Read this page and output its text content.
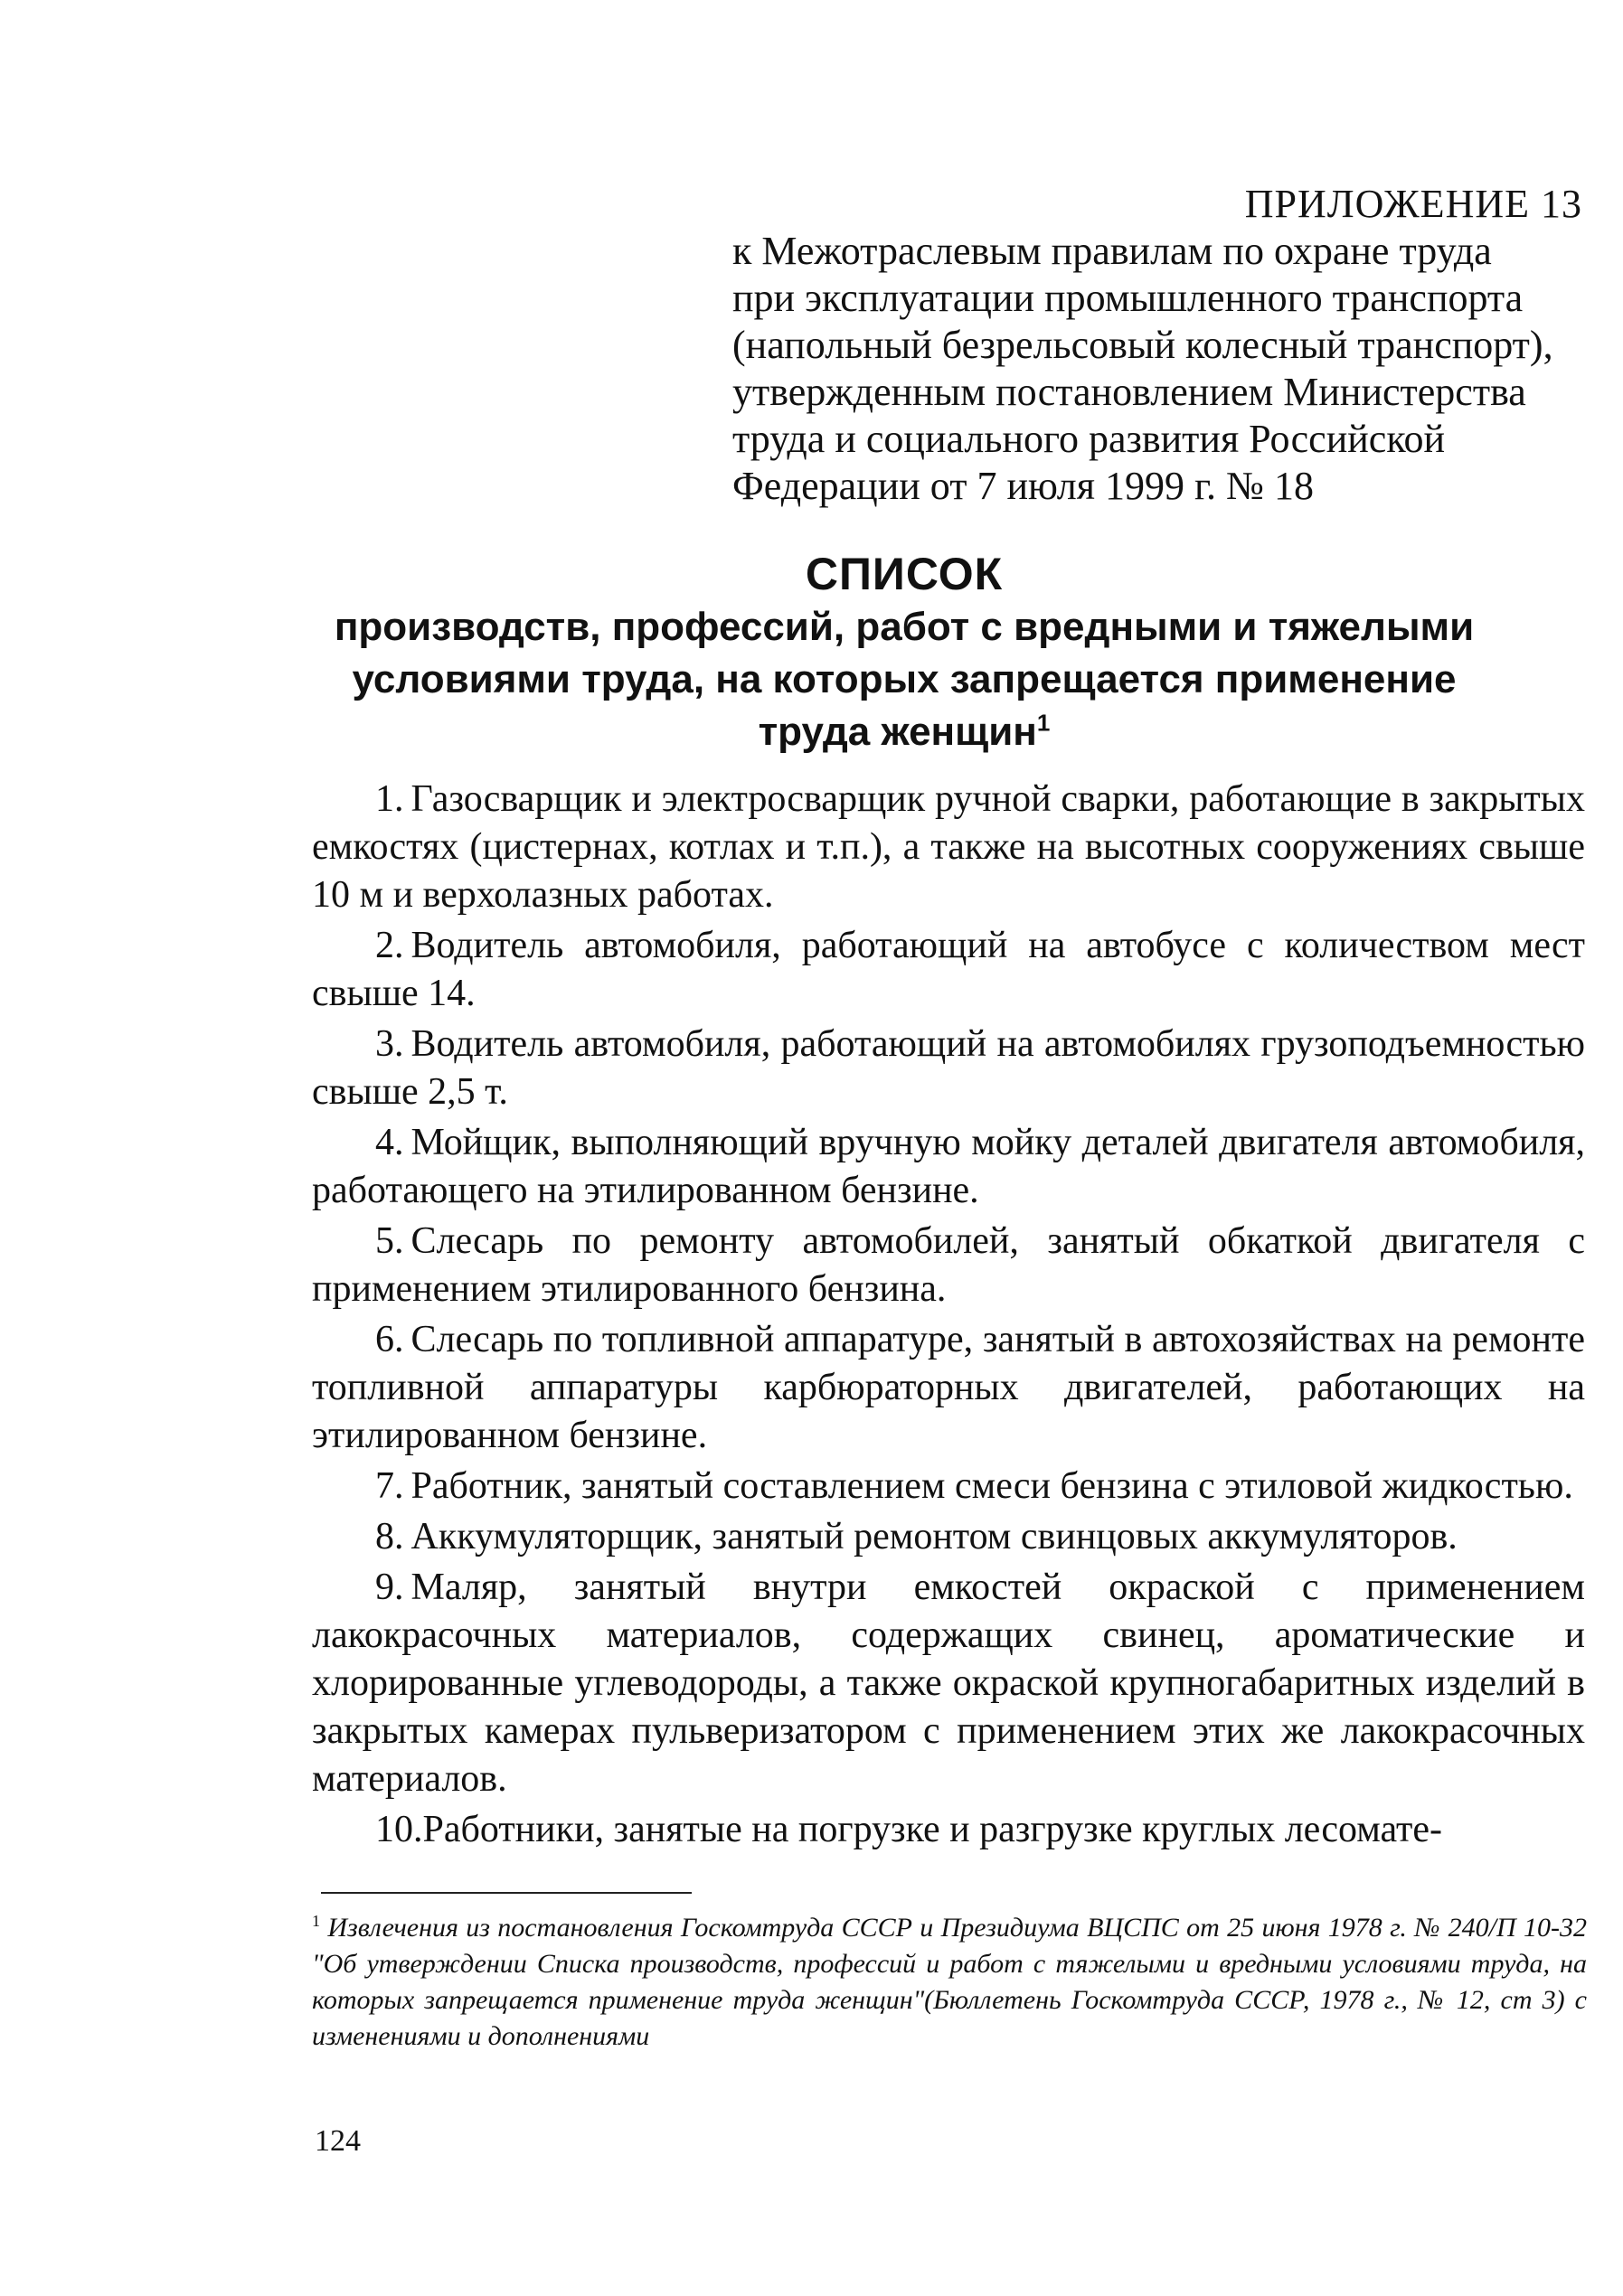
ПРИЛОЖЕНИЕ 13
к Межотраслевым правилам по охране труда
при эксплуатации промышленного транспорта
(напольный безрельсовый колесный транспорт),
утвержденным постановлением Министерства
труда и социального развития Российской
Федерации от 7 июля 1999 г. № 18
СПИСОК
производств, профессий, работ с вредными и тяжелыми
условиями труда, на которых запрещается применение
труда женщин$^1$

1. Газосварщик и электросварщик ручной сварки, работающие в закрытых емкостях (цистернах, котлах и т.п.), а также на высотных сооружениях свыше 10 м и верхолазных работах.

2. Водитель автомобиля, работающий на автобусе с количеством мест свыше 14.

3. Водитель автомобиля, работающий на автомобилях грузоподъемностью свыше 2,5 т.

4. Мойщик, выполняющий вручную мойку деталей двигателя автомобиля, работающего на этилированном бензине.

5. Слесарь по ремонту автомобилей, занятый обкаткой двигателя с применением этилированного бензина.

6. Слесарь по топливной аппаратуре, занятый в автохозяйствах на ремонте топливной аппаратуры карбюраторных двигателей, работающих на этилированном бензине.

7. Работник, занятый составлением смеси бензина с этиловой жидкостью.

8. Аккумуляторщик, занятый ремонтом свинцовых аккумуляторов.

9. Маляр, занятый внутри емкостей окраской с применением лакокрасочных материалов, содержащих свинец, ароматические и хлорированные углеводороды, а также окраской крупногабаритных изделий в закрытых камерах пульверизатором с применением этих же лакокрасочных материалов.

10.Работники, занятые на погрузке и разгрузке круглых лесомате-

$^1$ Извлечения из постановления Госкомтруда СССР и Президиума ВЦСПС от 25 июня 1978 г. № 240/П 10-32 "Об утверждении Списка производств, профессий и работ с тяжелыми и вредными условиями труда, на которых запрещается применение труда женщин"(Бюллетень Госкомтруда СССР, 1978 г., № 12, ст 3) с изменениями и дополнениями
124
